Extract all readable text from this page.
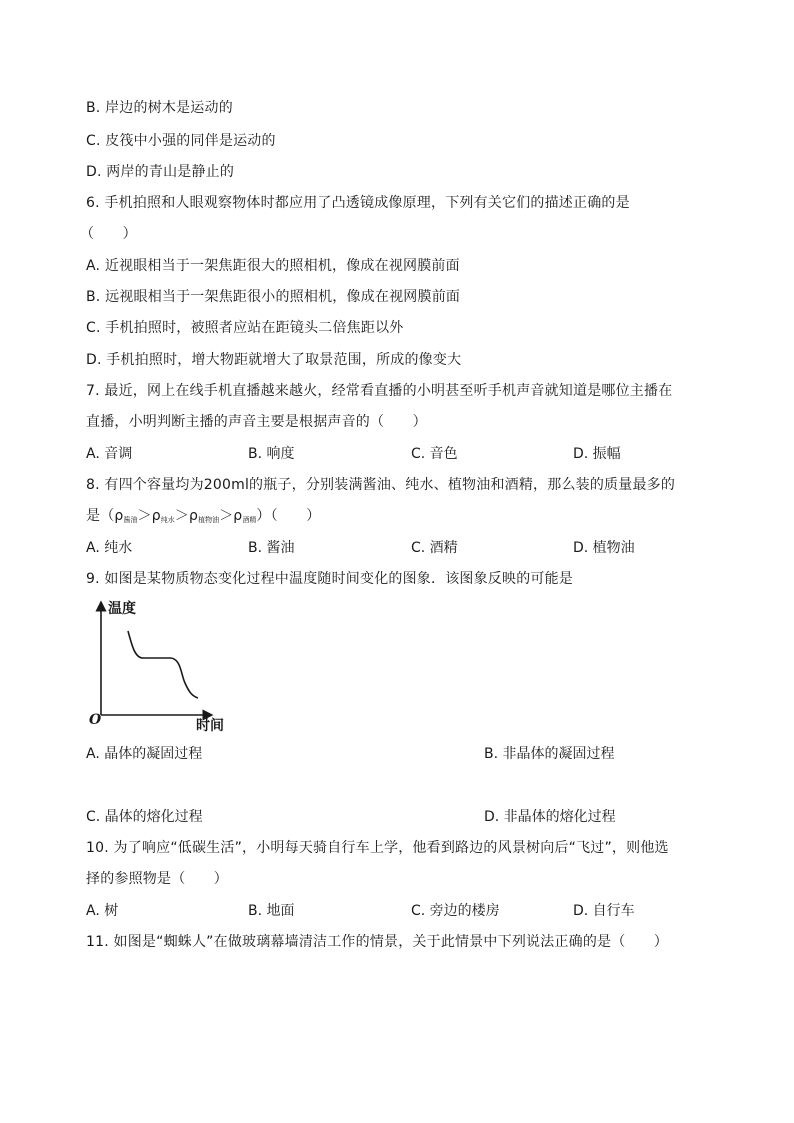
B. 岸边的树木是运动的
C. 皮筏中小强的同伴是运动的
D. 两岸的青山是静止的
6. 手机拍照和人眼观察物体时都应用了凸透镜成像原理，下列有关它们的描述正确的是
（　　）
A. 近视眼相当于一架焦距很大的照相机，像成在视网膜前面
B. 远视眼相当于一架焦距很小的照相机，像成在视网膜前面
C. 手机拍照时，被照者应站在距镜头二倍焦距以外
D. 手机拍照时，增大物距就增大了取景范围，所成的像变大
7. 最近，网上在线手机直播越来越火，经常看直播的小明甚至听手机声音就知道是哪位主播在
直播，小明判断主播的声音主要是根据声音的（　　）
A. 音调	B. 响度	C. 音色	D. 振幅
8. 有四个容量均为200ml的瓶子，分别装满酱油、纯水、植物油和酒精，那么装的质量最多的
是$(\rho_{酱油}>\rho_{纯水}>\rho_{植物油}>\rho_{酒精})$（　　）
A. 纯水	B. 酱油	C. 酒精	D. 植物油
9. 如图是某物质物态变化过程中温度随时间变化的图象．该图象反映的可能是
温度
时间
O
A. 晶体的凝固过程	B. 非晶体的凝固过程
C. 晶体的熔化过程	D. 非晶体的熔化过程
10. 为了响应“低碳生活”，小明每天骑自行车上学，他看到路边的风景树向后“飞过”，则他选
择的参照物是（　　）
A. 树	B. 地面	C. 旁边的楼房	D. 自行车
11. 如图是“蜘蛛人”在做玻璃幕墙清洁工作的情景，关于此情景中下列说法正确的是（　　）
